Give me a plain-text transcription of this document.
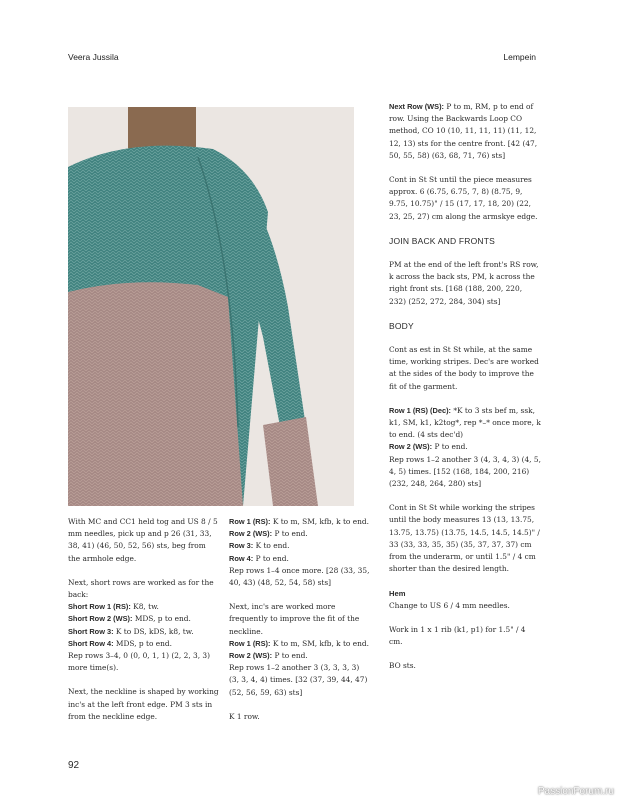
Veera Jussila	Lempein

With MC and CC1 held tog and US 8 / 5 mm needles, pick up and p 26 (31, 33, 38, 41) (46, 50, 52, 56) sts, beg from the armhole edge.

Next, short rows are worked as for the back:
Short Row 1 (RS): K8, tw.
Short Row 2 (WS): MDS, p to end.
Short Row 3: K to DS, kDS, k8, tw.
Short Row 4: MDS, p to end.
Rep rows 3–4, 0 (0, 0, 1, 1) (2, 2, 3, 3) more time(s).

Next, the neckline is shaped by working inc's at the left front edge. PM 3 sts in from the neckline edge.

Row 1 (RS): K to m, SM, kfb, k to end.
Row 2 (WS): P to end.
Row 3: K to end.
Row 4: P to end.
Rep rows 1–4 once more. [28 (33, 35, 40, 43) (48, 52, 54, 58) sts]

Next, inc's are worked more frequently to improve the fit of the neckline.
Row 1 (RS): K to m, SM, kfb, k to end.
Row 2 (WS): P to end.
Rep rows 1–2 another 3 (3, 3, 3, 3) (3, 3, 4, 4) times. [32 (37, 39, 44, 47) (52, 56, 59, 63) sts]

K 1 row.

Next Row (WS): P to m, RM, p to end of row. Using the Backwards Loop CO method, CO 10 (10, 11, 11, 11) (11, 12, 12, 13) sts for the centre front. [42 (47, 50, 55, 58) (63, 68, 71, 76) sts]

Cont in St St until the piece measures approx. 6 (6.75, 6.75, 7, 8) (8.75, 9, 9.75, 10.75)" / 15 (17, 17, 18, 20) (22, 23, 25, 27) cm along the armskye edge.

JOIN BACK AND FRONTS

PM at the end of the left front's RS row, k across the back sts, PM, k across the right front sts. [168 (188, 200, 220, 232) (252, 272, 284, 304) sts]

BODY

Cont as est in St St while, at the same time, working stripes. Dec's are worked at the sides of the body to improve the fit of the garment.

Row 1 (RS) (Dec): *K to 3 sts bef m, ssk, k1, SM, k1, k2tog*, rep *–* once more, k to end. (4 sts dec'd)
Row 2 (WS): P to end.
Rep rows 1–2 another 3 (4, 3, 4, 3) (4, 5, 4, 5) times. [152 (168, 184, 200, 216) (232, 248, 264, 280) sts]

Cont in St St while working the stripes until the body measures 13 (13, 13.75, 13.75, 13.75) (13.75, 14.5, 14.5, 14.5)" / 33 (33, 33, 35, 35) (35, 37, 37, 37) cm from the underarm, or until 1.5" / 4 cm shorter than the desired length.

Hem

Change to US 6 / 4 mm needles.

Work in 1 x 1 rib (k1, p1) for 1.5" / 4 cm.

BO sts.

92
PassionForum.ru
